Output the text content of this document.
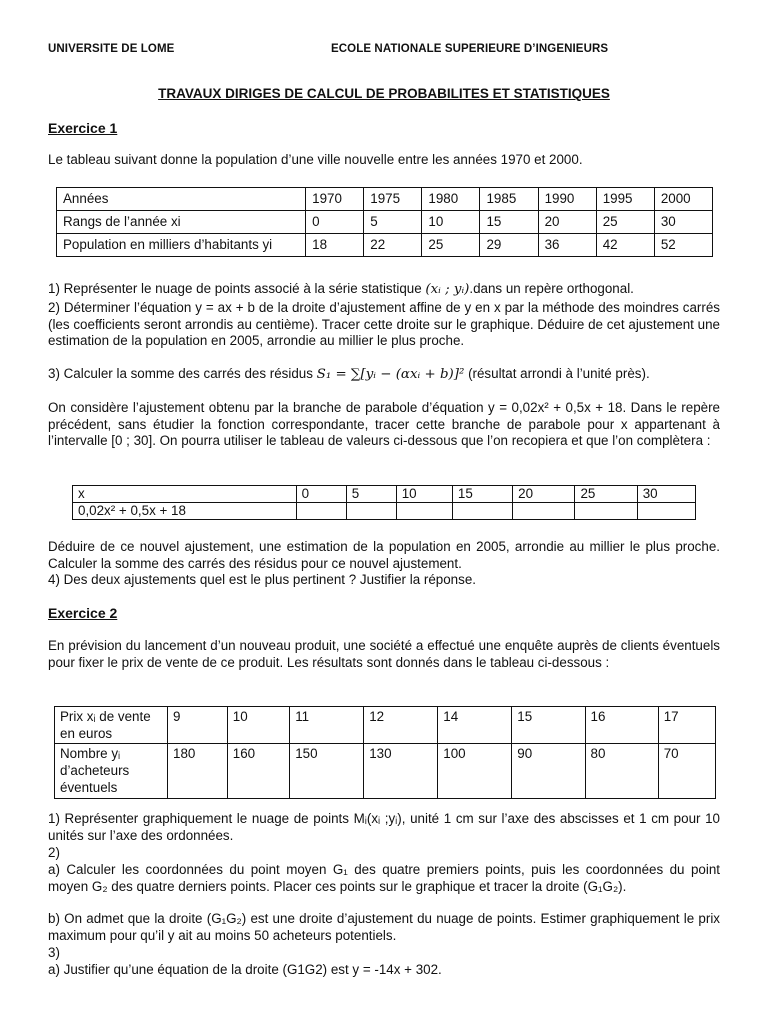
UNIVERSITE DE LOME	ECOLE NATIONALE SUPERIEURE D’INGENIEURS
TRAVAUX DIRIGES DE CALCUL DE PROBABILITES ET STATISTIQUES
Exercice 1

Le tableau suivant donne la population d’une ville nouvelle entre les années 1970 et 2000.

Années	1970	1975	1980	1985	1990	1995	2000
Rangs de l’année xi	0	5	10	15	20	25	30
Population en milliers d’habitants yi	18	22	25	29	36	42	52

1) Représenter le nuage de points associé à la série statistique (xᵢ ; yᵢ).dans un repère orthogonal.

2) Déterminer l’équation y = ax + b de la droite d’ajustement affine de y en x par la méthode des moindres carrés (les coefficients seront arrondis au centième). Tracer cette droite sur le graphique. Déduire de cet ajustement une estimation de la population en 2005, arrondie au millier le plus proche.

3) Calculer la somme des carrés des résidus S₁ = ∑[yᵢ − (αxᵢ + b)]² (résultat arrondi à l’unité près).

On considère l’ajustement obtenu par la branche de parabole d’équation y = 0,02x² + 0,5x + 18. Dans le repère précédent, sans étudier la fonction correspondante, tracer cette branche de parabole pour x appartenant à l’intervalle [0 ; 30]. On pourra utiliser le tableau de valeurs ci-dessous que l’on recopiera et que l’on complètera :

x	0	5	10	15	20	25	30
0,02x² + 0,5x + 18							

Déduire de ce nouvel ajustement, une estimation de la population en 2005, arrondie au millier le plus proche. Calculer la somme des carrés des résidus pour ce nouvel ajustement.

4) Des deux ajustements quel est le plus pertinent ? Justifier la réponse.

Exercice 2

En prévision du lancement d’un nouveau produit, une société a effectué une enquête auprès de clients éventuels pour fixer le prix de vente de ce produit. Les résultats sont donnés dans le tableau ci-dessous :

Prix xᵢ de vente en euros	9	10	11	12	14	15	16	17
Nombre yᵢ d’acheteurs éventuels	180	160	150	130	100	90	80	70

1) Représenter graphiquement le nuage de points Mᵢ(xᵢ ;yᵢ), unité 1 cm sur l’axe des abscisses et 1 cm pour 10 unités sur l’axe des ordonnées.

2)

a) Calculer les coordonnées du point moyen G₁ des quatre premiers points, puis les coordonnées du point moyen G₂ des quatre derniers points. Placer ces points sur le graphique et tracer la droite (G₁G₂).

b) On admet que la droite (G₁G₂) est une droite d’ajustement du nuage de points. Estimer graphiquement le prix maximum pour qu’il y ait au moins 50 acheteurs potentiels.

3)

a) Justifier qu’une équation de la droite (G1G2) est y = -14x + 302.
